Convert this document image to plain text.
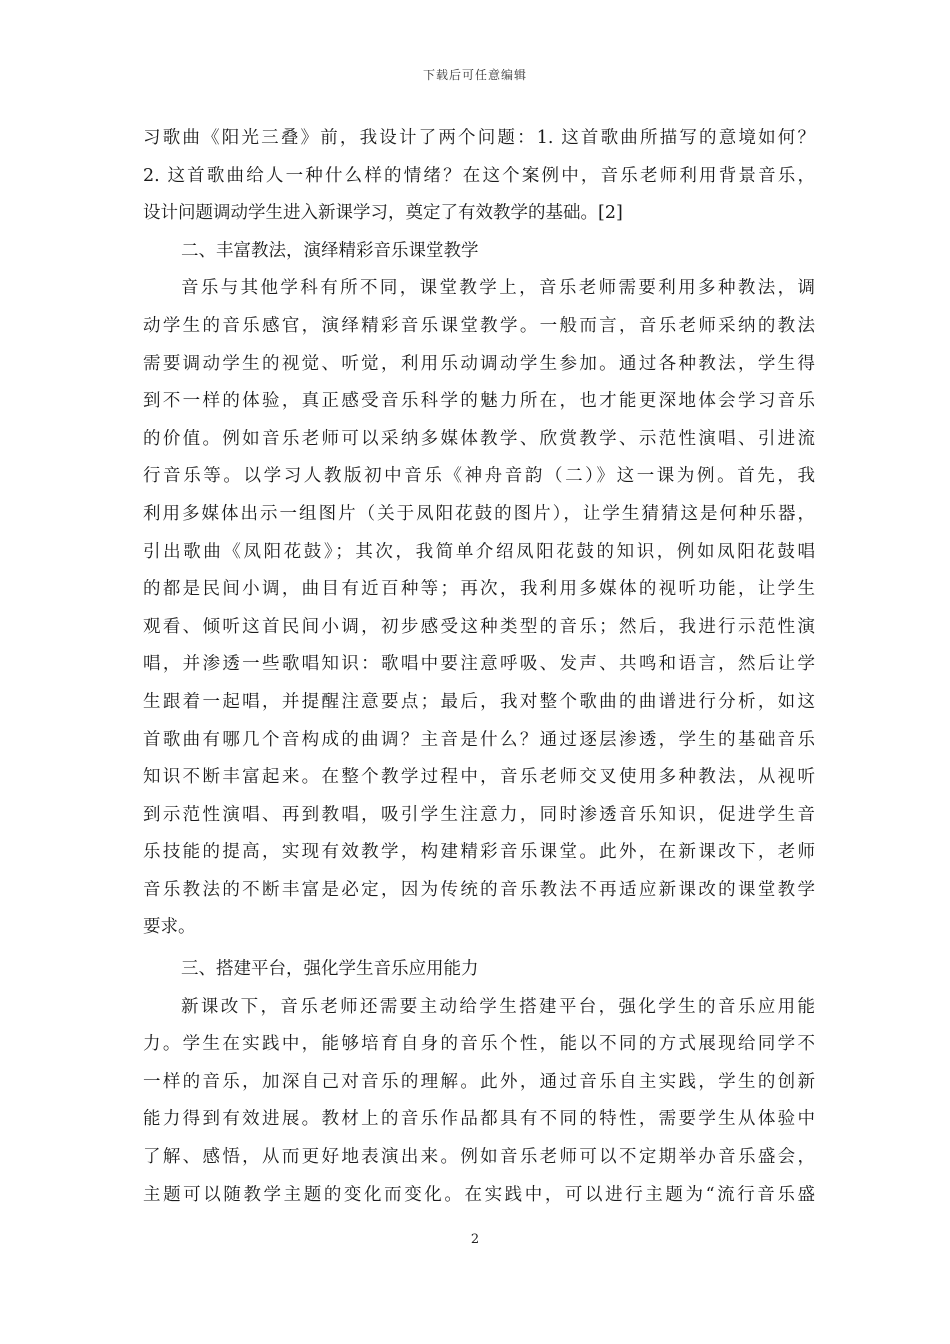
下载后可任意编辑
习歌曲《阳光三叠》前，我设计了两个问题：1. 这首歌曲所描写的意境如何？
2. 这首歌曲给人一种什么样的情绪？在这个案例中，音乐老师利用背景音乐，
设计问题调动学生进入新课学习，奠定了有效教学的基础。[2]
二、丰富教法，演绎精彩音乐课堂教学
音乐与其他学科有所不同，课堂教学上，音乐老师需要利用多种教法，调
动学生的音乐感官，演绎精彩音乐课堂教学。一般而言，音乐老师采纳的教法
需要调动学生的视觉、听觉，利用乐动调动学生参加。通过各种教法，学生得
到不一样的体验，真正感受音乐科学的魅力所在，也才能更深地体会学习音乐
的价值。例如音乐老师可以采纳多媒体教学、欣赏教学、示范性演唱、引进流
行音乐等。以学习人教版初中音乐《神舟音韵（二）》这一课为例。首先，我
利用多媒体出示一组图片（关于凤阳花鼓的图片），让学生猜猜这是何种乐器，
引出歌曲《凤阳花鼓》；其次，我简单介绍凤阳花鼓的知识，例如凤阳花鼓唱
的都是民间小调，曲目有近百种等；再次，我利用多媒体的视听功能，让学生
观看、倾听这首民间小调，初步感受这种类型的音乐；然后，我进行示范性演
唱，并渗透一些歌唱知识：歌唱中要注意呼吸、发声、共鸣和语言，然后让学
生跟着一起唱，并提醒注意要点；最后，我对整个歌曲的曲谱进行分析，如这
首歌曲有哪几个音构成的曲调？主音是什么？通过逐层渗透，学生的基础音乐
知识不断丰富起来。在整个教学过程中，音乐老师交叉使用多种教法，从视听
到示范性演唱、再到教唱，吸引学生注意力，同时渗透音乐知识，促进学生音
乐技能的提高，实现有效教学，构建精彩音乐课堂。此外，在新课改下，老师
音乐教法的不断丰富是必定，因为传统的音乐教法不再适应新课改的课堂教学
要求。
三、搭建平台，强化学生音乐应用能力
新课改下，音乐老师还需要主动给学生搭建平台，强化学生的音乐应用能
力。学生在实践中，能够培育自身的音乐个性，能以不同的方式展现给同学不
一样的音乐，加深自己对音乐的理解。此外，通过音乐自主实践，学生的创新
能力得到有效进展。教材上的音乐作品都具有不同的特性，需要学生从体验中
了解、感悟，从而更好地表演出来。例如音乐老师可以不定期举办音乐盛会，
主题可以随教学主题的变化而变化。在实践中，可以进行主题为“流行音乐盛
2
